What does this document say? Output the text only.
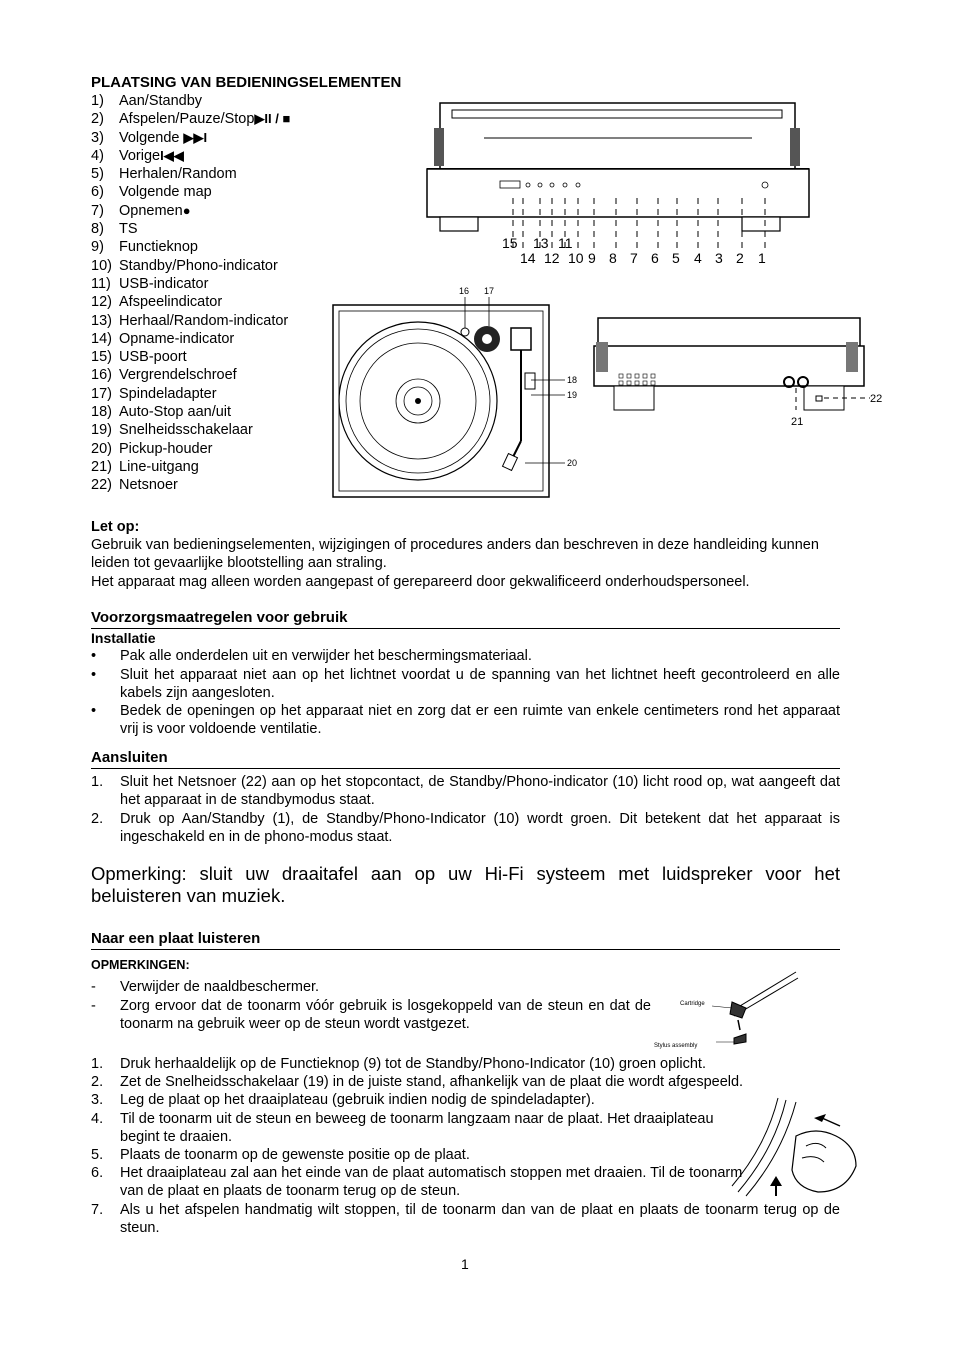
PLAATSING VAN BEDIENINGSELEMENTEN
1) Aan/Standby
2) Afspelen/Pauze/Stop▶II / ■
3) Volgende ▶▶I
4) VorigeI◀◀
5) Herhalen/Random
6) Volgende map
7) Opnemen●
8) TS
9) Functieknop
10) Standby/Phono-indicator
11) USB-indicator
12) Afspeelindicator
13) Herhaal/Random-indicator
14) Opname-indicator
15) USB-poort
16) Vergrendelschroef
17) Spindeladapter
18) Auto-Stop aan/uit
19) Snelheidsschakelaar
20) Pickup-houder
21) Line-uitgang
22) Netsnoer
15 13 11
14 12 10 9 8 7 6 5 4 3 2 1
16 17
18
19
20
21
22
Let op:
Gebruik van bedieningselementen, wijzigingen of procedures anders dan beschreven in deze handleiding kunnen leiden tot gevaarlijke blootstelling aan straling.
Het apparaat mag alleen worden aangepast of gerepareerd door gekwalificeerd onderhoudspersoneel.
Voorzorgsmaatregelen voor gebruik
Installatie
• Pak alle onderdelen uit en verwijder het beschermingsmateriaal.
• Sluit het apparaat niet aan op het lichtnet voordat u de spanning van het lichtnet heeft gecontroleerd en alle kabels zijn aangesloten.
• Bedek de openingen op het apparaat niet en zorg dat er een ruimte van enkele centimeters rond het apparaat vrij is voor voldoende ventilatie.
Aansluiten
1. Sluit het Netsnoer (22) aan op het stopcontact, de Standby/Phono-indicator (10) licht rood op, wat aangeeft dat het apparaat in de standbymodus staat.
2. Druk op Aan/Standby (1), de Standby/Phono-Indicator (10) wordt groen. Dit betekent dat het apparaat is ingeschakeld en in de phono-modus staat.
Opmerking: sluit uw draaitafel aan op uw Hi-Fi systeem met luidspreker voor het beluisteren van muziek.
Naar een plaat luisteren
OPMERKINGEN:
- Verwijder de naaldbeschermer.
- Zorg ervoor dat de toonarm vóór gebruik is losgekoppeld van de steun en dat de toonarm na gebruik weer op de steun wordt vastgezet.
1. Druk herhaaldelijk op de Functieknop (9) tot de Standby/Phono-Indicator (10) groen oplicht.
2. Zet de Snelheidsschakelaar (19) in de juiste stand, afhankelijk van de plaat die wordt afgespeeld.
3. Leg de plaat op het draaiplateau (gebruik indien nodig de spindeladapter).
4. Til de toonarm uit de steun en beweeg de toonarm langzaam naar de plaat. Het draaiplateau begint te draaien.
5. Plaats de toonarm op de gewenste positie op de plaat.
6. Het draaiplateau zal aan het einde van de plaat automatisch stoppen met draaien. Til de toonarm van de plaat en plaats de toonarm terug op de steun.
7. Als u het afspelen handmatig wilt stoppen, til de toonarm dan van de plaat en plaats de toonarm terug op de steun.
Cartridge
Stylus assembly
1
